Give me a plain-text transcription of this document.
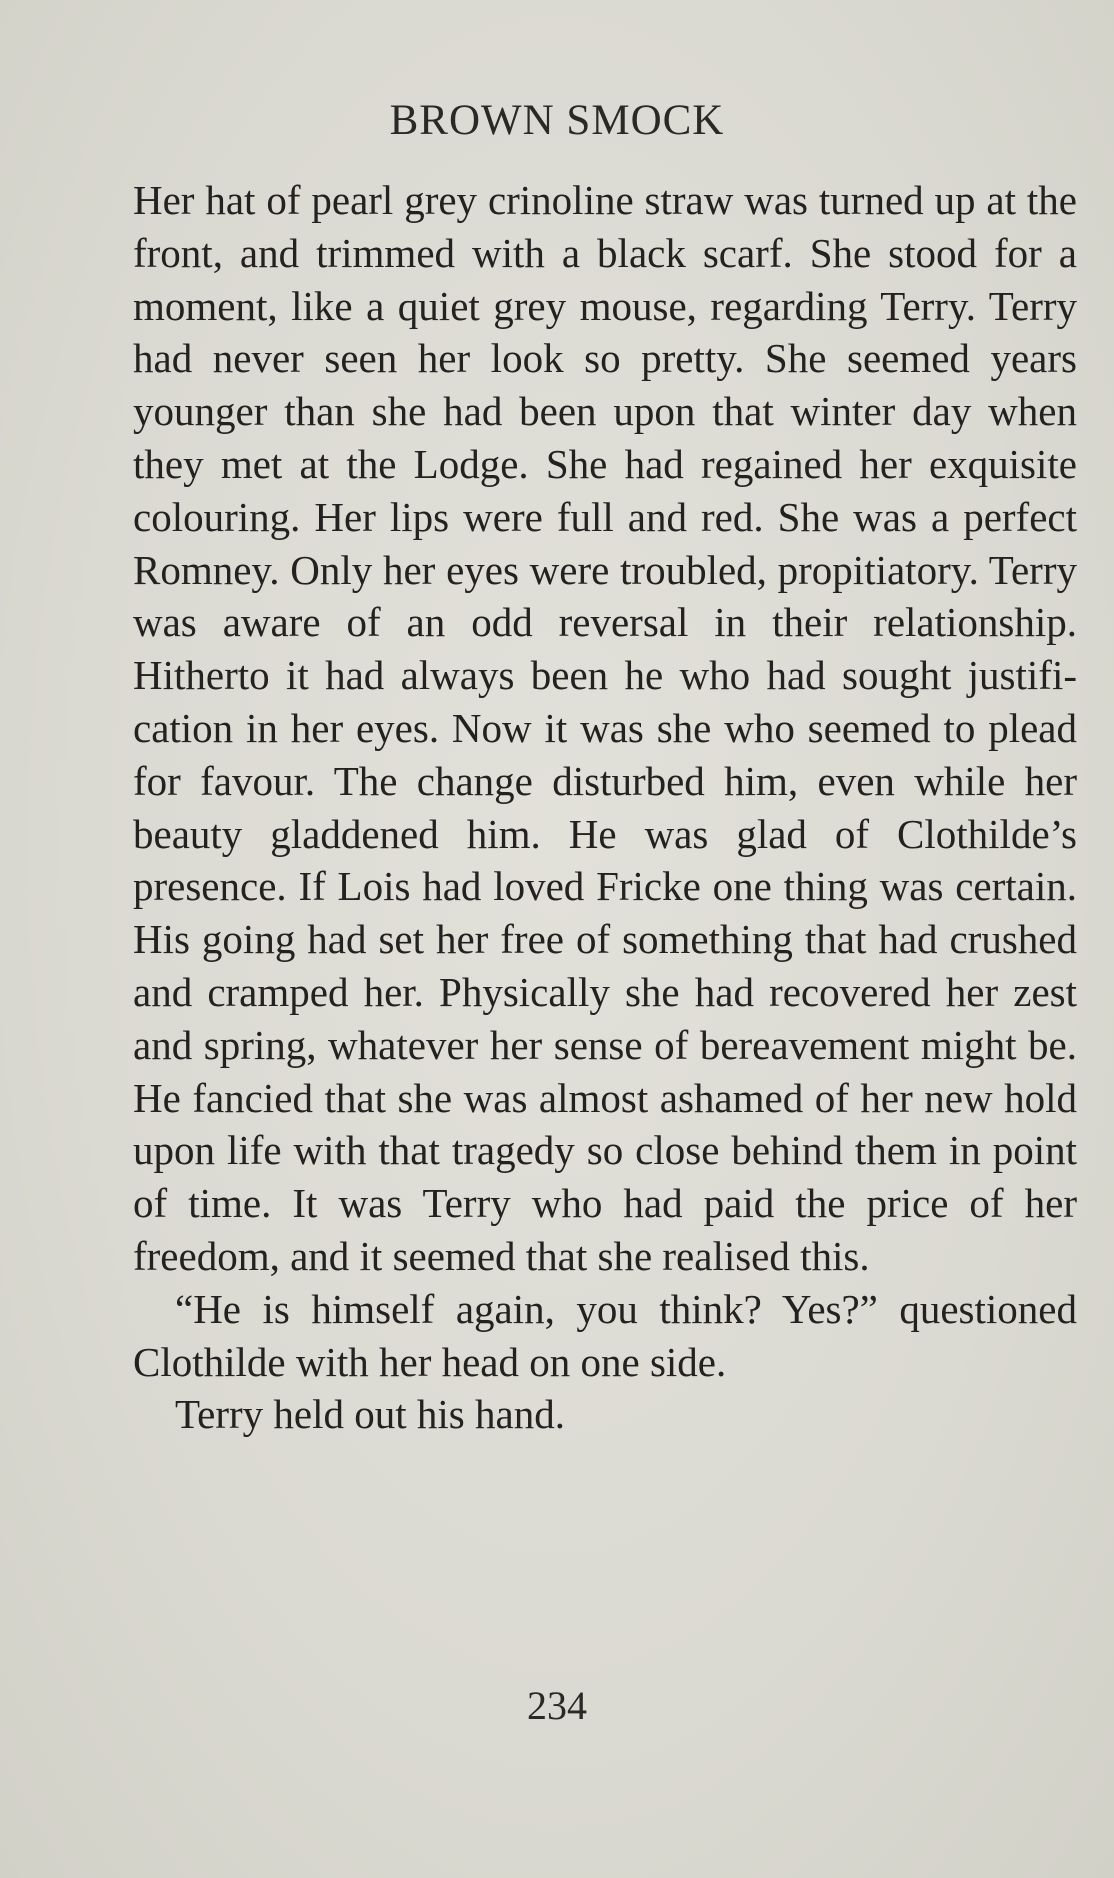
BROWN SMOCK

Her hat of pearl grey crinoline straw was turned up at the front, and trimmed with a black scarf. She stood for a moment, like a quiet grey mouse, regarding Terry. Terry had never seen her look so pretty. She seemed years younger than she had been upon that winter day when they met at the Lodge. She had regained her exquisite colouring. Her lips were full and red. She was a perfect Romney. Only her eyes were troubled, propitiatory. Terry was aware of an odd reversal in their relationship. Hitherto it had always been he who had sought justification in her eyes. Now it was she who seemed to plead for favour. The change disturbed him, even while her beauty gladdened him. He was glad of Clothilde’s presence. If Lois had loved Fricke one thing was certain. His going had set her free of something that had crushed and cramped her. Physically she had recovered her zest and spring, whatever her sense of bereavement might be. He fancied that she was almost ashamed of her new hold upon life with that tragedy so close behind them in point of time. It was Terry who had paid the price of her freedom, and it seemed that she realised this.

“He is himself again, you think? Yes?” questioned Clothilde with her head on one side.

Terry held out his hand.

234
